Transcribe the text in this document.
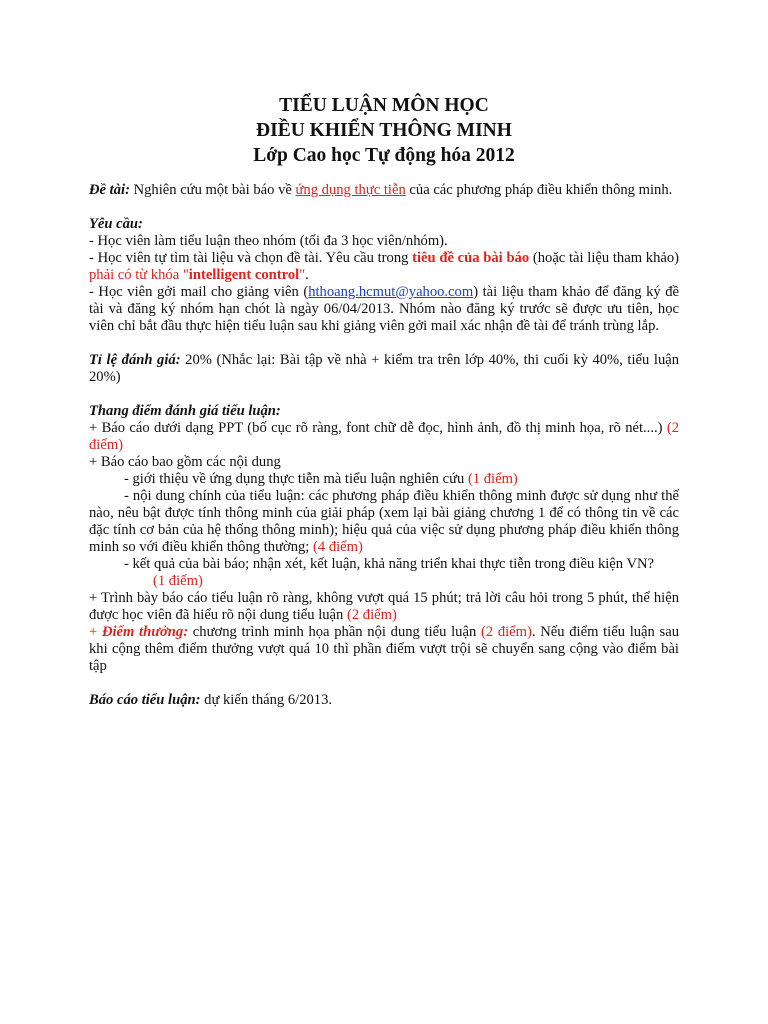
TIỂU LUẬN MÔN HỌC
ĐIỀU KHIỂN THÔNG MINH
Lớp Cao học Tự động hóa 2012

Đề tài: Nghiên cứu một bài báo về ứng dụng thực tiễn của các phương pháp điều khiển thông minh.

Yêu cầu:

- Học viên làm tiểu luận theo nhóm (tối đa 3 học viên/nhóm).

- Học viên tự tìm tài liệu và chọn đề tài. Yêu cầu trong tiêu đề của bài báo (hoặc tài liệu tham khảo) phải có từ khóa "intelligent control".

- Học viên gởi mail cho giảng viên (hthoang.hcmut@yahoo.com) tài liệu tham khảo để đăng ký đề tài và đăng ký nhóm hạn chót là ngày 06/04/2013. Nhóm nào đăng ký trước sẽ được ưu tiên, học viên chỉ bắt đầu thực hiện tiểu luận sau khi giảng viên gởi mail xác nhận đề tài để tránh trùng lắp.

Tỉ lệ đánh giá: 20% (Nhắc lại: Bài tập về nhà + kiểm tra trên lớp 40%, thi cuối kỳ 40%, tiểu luận 20%)

Thang điểm đánh giá tiểu luận:

+ Báo cáo dưới dạng PPT (bố cục rõ ràng, font chữ dễ đọc, hình ảnh, đồ thị minh họa, rõ nét....) (2 điểm)

+ Báo cáo bao gồm các nội dung

- giới thiệu về ứng dụng thực tiễn mà tiểu luận nghiên cứu (1 điểm)

- nội dung chính của tiểu luận: các phương pháp điều khiển thông minh được sử dụng như thế nào, nêu bật được tính thông minh của giải pháp (xem lại bài giảng chương 1 để có thông tin về các đặc tính cơ bản của hệ thống thông minh); hiệu quả của việc sử dụng phương pháp điều khiển thông minh so với điều khiển thông thường; (4 điểm)

- kết quả của bài báo; nhận xét, kết luận, khả năng triển khai thực tiễn trong điều kiện VN?

(1 điểm)

+ Trình bày báo cáo tiểu luận rõ ràng, không vượt quá 15 phút; trả lời câu hỏi trong 5 phút, thể hiện được học viên đã hiểu rõ nội dung tiểu luận (2 điểm)

+ Điểm thưởng: chương trình minh họa phần nội dung tiểu luận (2 điểm). Nếu điểm tiểu luận sau khi cộng thêm điểm thưởng vượt quá 10 thì phần điểm vượt trội sẽ chuyển sang cộng vào điểm bài tập

Báo cáo tiểu luận: dự kiến tháng 6/2013.
